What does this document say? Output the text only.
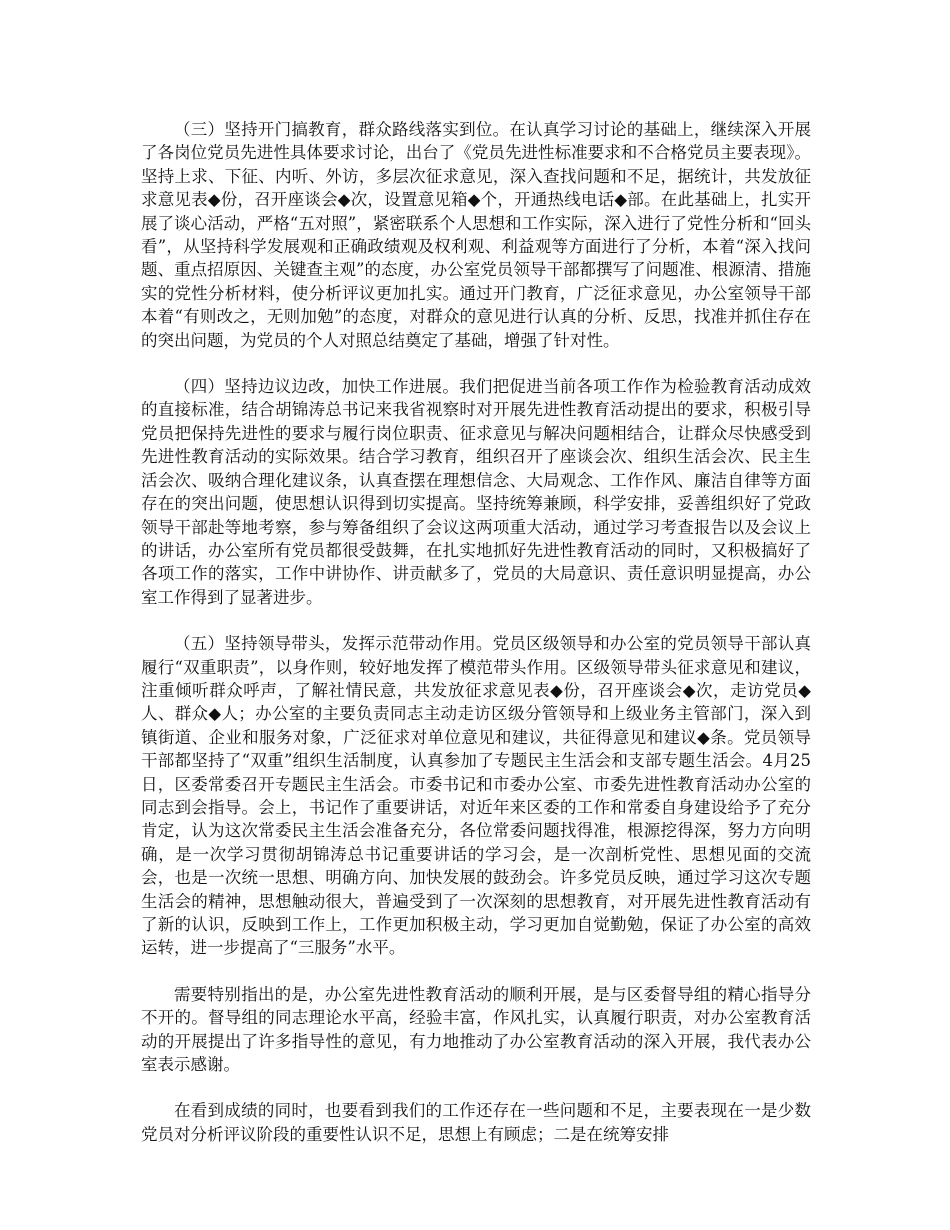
（三）坚持开门搞教育，群众路线落实到位。在认真学习讨论的基础上，继续深入开展了各岗位党员先进性具体要求讨论，出台了《党员先进性标准要求和不合格党员主要表现》。坚持上求、下征、内听、外访，多层次征求意见，深入查找问题和不足，据统计，共发放征求意见表◆份，召开座谈会◆次，设置意见箱◆个，开通热线电话◆部。在此基础上，扎实开展了谈心活动，严格“五对照”，紧密联系个人思想和工作实际，深入进行了党性分析和“回头看”，从坚持科学发展观和正确政绩观及权利观、利益观等方面进行了分析，本着“深入找问题、重点招原因、关键查主观”的态度，办公室党员领导干部都撰写了问题准、根源清、措施实的党性分析材料，使分析评议更加扎实。通过开门教育，广泛征求意见，办公室领导干部本着“有则改之，无则加勉”的态度，对群众的意见进行认真的分析、反思，找准并抓住存在的突出问题，为党员的个人对照总结奠定了基础，增强了针对性。

（四）坚持边议边改，加快工作进展。我们把促进当前各项工作作为检验教育活动成效的直接标准，结合胡锦涛总书记来我省视察时对开展先进性教育活动提出的要求，积极引导党员把保持先进性的要求与履行岗位职责、征求意见与解决问题相结合，让群众尽快感受到先进性教育活动的实际效果。结合学习教育，组织召开了座谈会次、组织生活会次、民主生活会次、吸纳合理化建议条，认真查摆在理想信念、大局观念、工作作风、廉洁自律等方面存在的突出问题，使思想认识得到切实提高。坚持统筹兼顾，科学安排，妥善组织好了党政领导干部赴等地考察，参与筹备组织了会议这两项重大活动，通过学习考查报告以及会议上的讲话，办公室所有党员都很受鼓舞，在扎实地抓好先进性教育活动的同时，又积极搞好了各项工作的落实，工作中讲协作、讲贡献多了，党员的大局意识、责任意识明显提高，办公室工作得到了显著进步。

（五）坚持领导带头，发挥示范带动作用。党员区级领导和办公室的党员领导干部认真履行“双重职责”，以身作则，较好地发挥了模范带头作用。区级领导带头征求意见和建议，注重倾听群众呼声，了解社情民意，共发放征求意见表◆份，召开座谈会◆次，走访党员◆人、群众◆人；办公室的主要负责同志主动走访区级分管领导和上级业务主管部门，深入到镇街道、企业和服务对象，广泛征求对单位意见和建议，共征得意见和建议◆条。党员领导干部都坚持了“双重”组织生活制度，认真参加了专题民主生活会和支部专题生活会。4月25日，区委常委召开专题民主生活会。市委书记和市委办公室、市委先进性教育活动办公室的同志到会指导。会上，书记作了重要讲话，对近年来区委的工作和常委自身建设给予了充分肯定，认为这次常委民主生活会准备充分，各位常委问题找得准，根源挖得深，努力方向明确，是一次学习贯彻胡锦涛总书记重要讲话的学习会，是一次剖析党性、思想见面的交流会，也是一次统一思想、明确方向、加快发展的鼓劲会。许多党员反映，通过学习这次专题生活会的精神，思想触动很大，普遍受到了一次深刻的思想教育，对开展先进性教育活动有了新的认识，反映到工作上，工作更加积极主动，学习更加自觉勤勉，保证了办公室的高效运转，进一步提高了“三服务”水平。

需要特别指出的是，办公室先进性教育活动的顺利开展，是与区委督导组的精心指导分不开的。督导组的同志理论水平高，经验丰富，作风扎实，认真履行职责，对办公室教育活动的开展提出了许多指导性的意见，有力地推动了办公室教育活动的深入开展，我代表办公室表示感谢。

在看到成绩的同时，也要看到我们的工作还存在一些问题和不足，主要表现在一是少数党员对分析评议阶段的重要性认识不足，思想上有顾虑；二是在统筹安排
